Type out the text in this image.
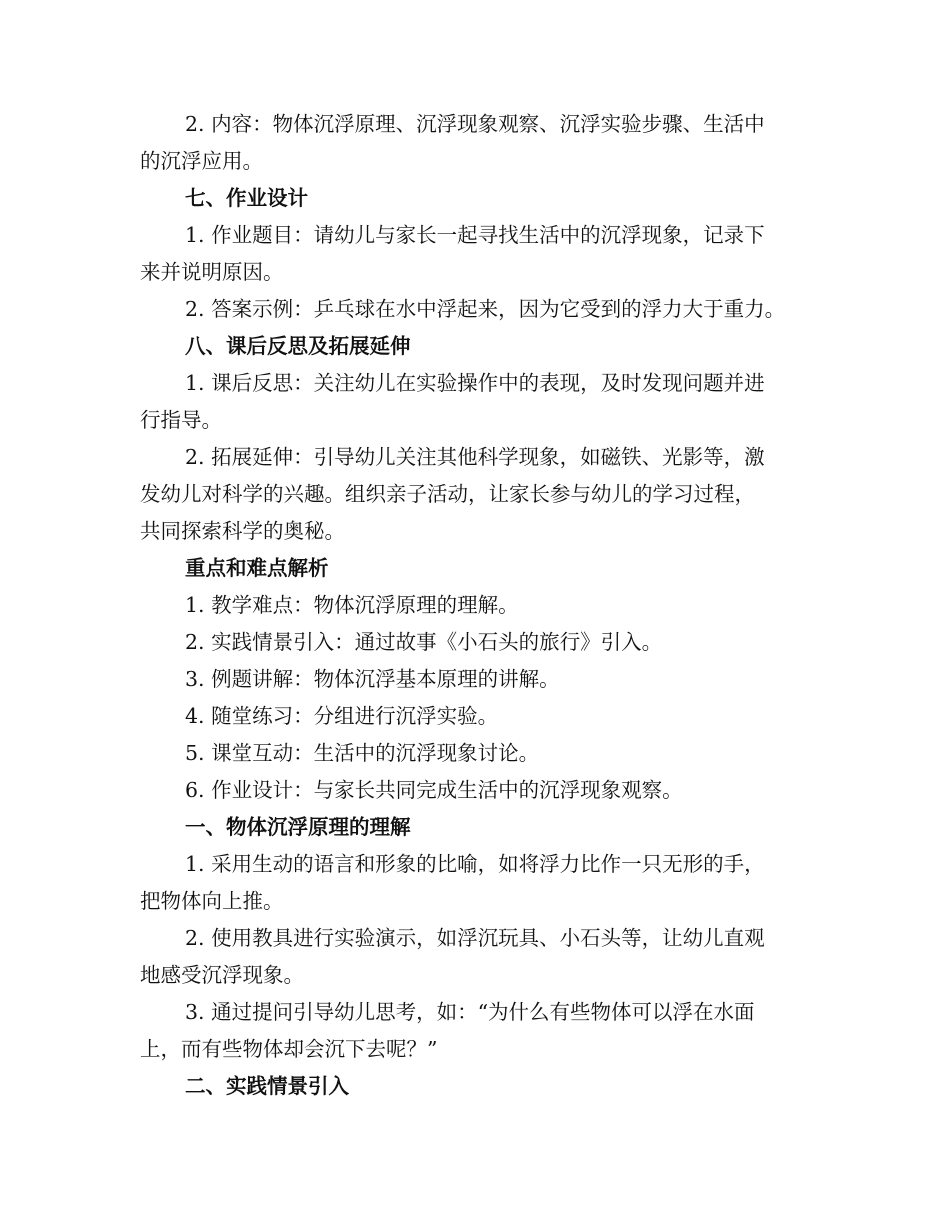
2. 内容：物体沉浮原理、沉浮现象观察、沉浮实验步骤、生活中
的沉浮应用。
七、作业设计
1. 作业题目：请幼儿与家长一起寻找生活中的沉浮现象，记录下
来并说明原因。
2. 答案示例：乒乓球在水中浮起来，因为它受到的浮力大于重力。
八、课后反思及拓展延伸
1. 课后反思：关注幼儿在实验操作中的表现，及时发现问题并进
行指导。
2. 拓展延伸：引导幼儿关注其他科学现象，如磁铁、光影等，激
发幼儿对科学的兴趣。组织亲子活动，让家长参与幼儿的学习过程，
共同探索科学的奥秘。
重点和难点解析
1. 教学难点：物体沉浮原理的理解。
2. 实践情景引入：通过故事《小石头的旅行》引入。
3. 例题讲解：物体沉浮基本原理的讲解。
4. 随堂练习：分组进行沉浮实验。
5. 课堂互动：生活中的沉浮现象讨论。
6. 作业设计：与家长共同完成生活中的沉浮现象观察。
一、物体沉浮原理的理解
1. 采用生动的语言和形象的比喻，如将浮力比作一只无形的手，
把物体向上推。
2. 使用教具进行实验演示，如浮沉玩具、小石头等，让幼儿直观
地感受沉浮现象。
3. 通过提问引导幼儿思考，如：“为什么有些物体可以浮在水面
上，而有些物体却会沉下去呢？”
二、实践情景引入
